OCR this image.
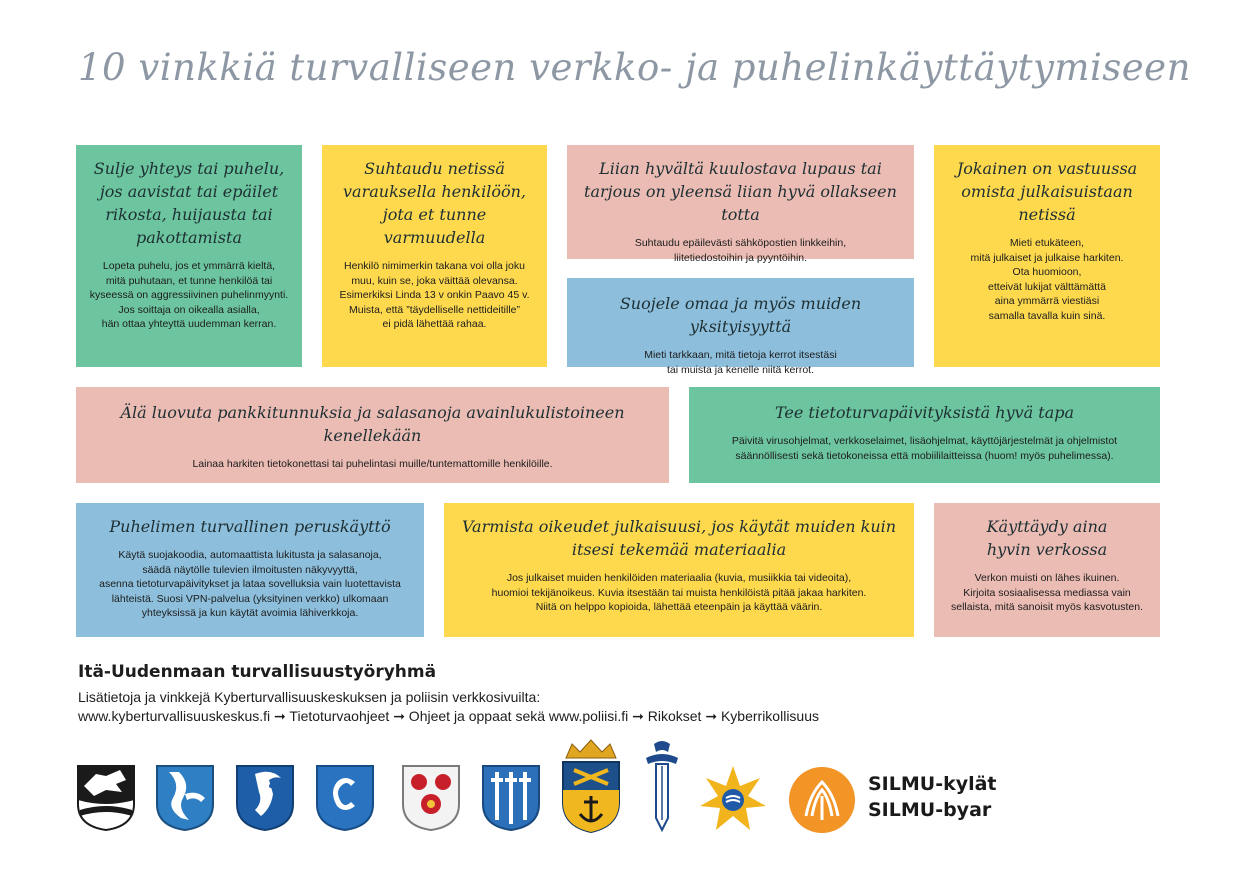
10 vinkkiä turvalliseen verkko- ja puhelinkäyttäytymiseen

Sulje yhteys tai puhelu, jos aavistat tai epäilet rikosta, huijausta tai pakottamista

Lopeta puhelu, jos et ymmärrä kieltä,
mitä puhutaan, et tunne henkilöä tai
kyseessä on aggressiivinen puhelinmyynti.
Jos soittaja on oikealla asialla,
hän ottaa yhteyttä uudemman kerran.

Suhtaudu netissä varauksella henkilöön, jota et tunne varmuudella

Henkilö nimimerkin takana voi olla joku
muu, kuin se, joka väittää olevansa.
Esimerkiksi Linda 13 v onkin Paavo 45 v.
Muista, että ”täydelliselle nettideitille”
ei pidä lähettää rahaa.

Liian hyvältä kuulostava lupaus tai tarjous on yleensä liian hyvä ollakseen totta

Suhtaudu epäilevästi sähköpostien linkkeihin,
liitetiedostoihin ja pyyntöihin.

Jokainen on vastuussa omista julkaisuistaan netissä

Mieti etukäteen,
mitä julkaiset ja julkaise harkiten.
Ota huomioon,
etteivät lukijat välttämättä
aina ymmärrä viestiäsi
samalla tavalla kuin sinä.

Suojele omaa ja myös muiden yksityisyyttä

Mieti tarkkaan, mitä tietoja kerrot itsestäsi
tai muista ja kenelle niitä kerrot.

Älä luovuta pankkitunnuksia ja salasanoja avainlukulistoineen kenellekään

Lainaa harkiten tietokonettasi tai puhelintasi muille/tuntemattomille henkilöille.

Tee tietoturvapäivityksistä hyvä tapa

Päivitä virusohjelmat, verkkoselaimet, lisäohjelmat, käyttöjärjestelmät ja ohjelmistot
säännöllisesti sekä tietokoneissa että mobiililaitteissa (huom! myös puhelimessa).

Puhelimen turvallinen peruskäyttö

Käytä suojakoodia, automaattista lukitusta ja salasanoja,
säädä näytölle tulevien ilmoitusten näkyvyyttä,
asenna tietoturvapäivitykset ja lataa sovelluksia vain luotettavista
lähteistä. Suosi VPN-palvelua (yksityinen verkko) ulkomaan
yhteyksissä ja kun käytät avoimia lähiverkkoja.

Varmista oikeudet julkaisuusi, jos käytät muiden kuin itsesi tekemää materiaalia

Jos julkaiset muiden henkilöiden materiaalia (kuvia, musiikkia tai videoita),
huomioi tekijänoikeus. Kuvia itsestään tai muista henkilöistä pitää jakaa harkiten.
Niitä on helppo kopioida, lähettää eteenpäin ja käyttää väärin.

Käyttäydy aina hyvin verkossa

Verkon muisti on lähes ikuinen.
Kirjoita sosiaalisessa mediassa vain
sellaista, mitä sanoisit myös kasvotusten.

Itä-Uudenmaan turvallisuustyöryhmä

Lisätietoja ja vinkkejä Kyberturvallisuuskeskuksen ja poliisin verkkosivuilta:

www.kyberturvallisuuskeskus.fi ➞ Tietoturvaohjeet ➞ Ohjeet ja oppaat sekä www.poliisi.fi ➞ Rikokset ➞ Kyberrikollisuus

SILMU-kylät
SILMU-byar
